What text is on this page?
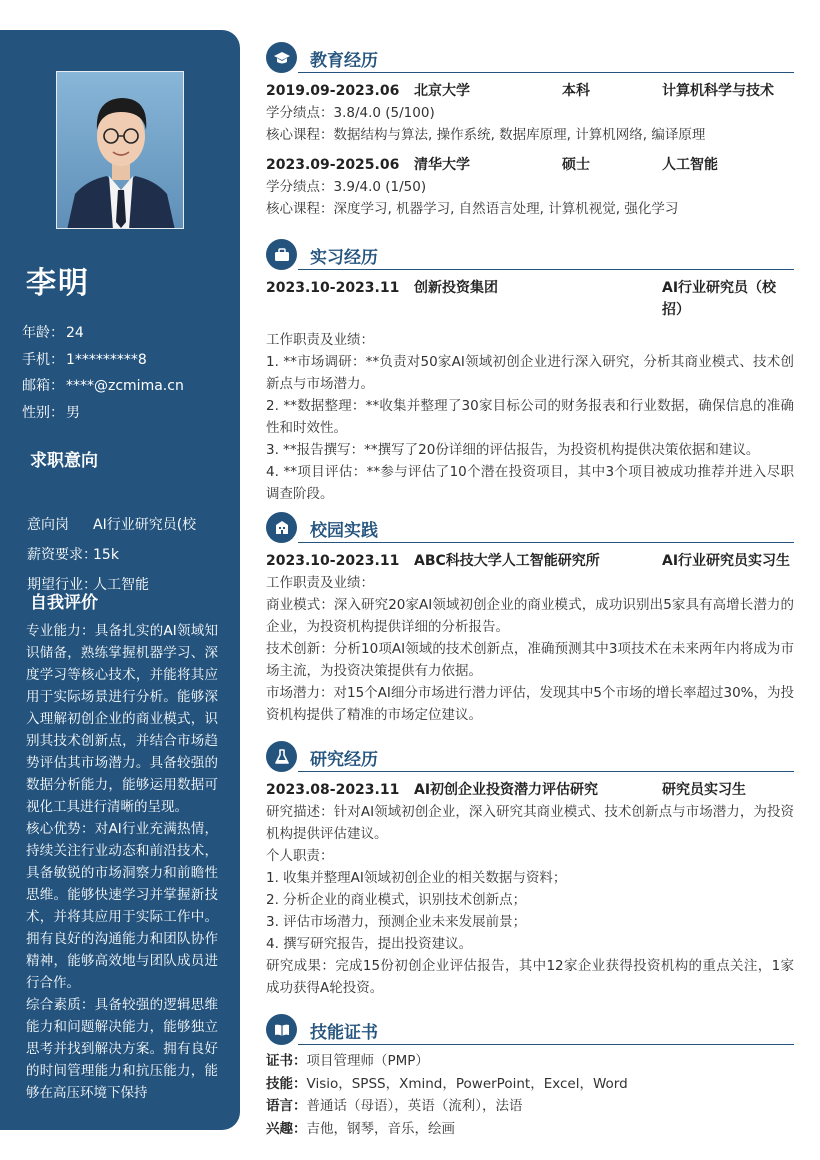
李明
年龄： 24
手机： 1*********8
邮箱： ****@zcmima.cn
性别： 男
求职意向
意向岗 AI行业研究员(校
薪资要求：15k
期望行业：人工智能
自我评价

专业能力：具备扎实的AI领域知识储备，熟练掌握机器学习、深度学习等核心技术，并能将其应用于实际场景进行分析。能够深入理解初创企业的商业模式，识别其技术创新点，并结合市场趋势评估其市场潜力。具备较强的数据分析能力，能够运用数据可视化工具进行清晰的呈现。

核心优势：对AI行业充满热情，持续关注行业动态和前沿技术，具备敏锐的市场洞察力和前瞻性思维。能够快速学习并掌握新技术，并将其应用于实际工作中。拥有良好的沟通能力和团队协作精神，能够高效地与团队成员进行合作。

综合素质：具备较强的逻辑思维能力和问题解决能力，能够独立思考并找到解决方案。拥有良好的时间管理能力和抗压能力，能够在高压环境下保持

教育经历
2019.09-2023.06	北京大学	本科	计算机科学与技术
学分绩点：3.8/4.0 (5/100)
核心课程：数据结构与算法, 操作系统, 数据库原理, 计算机网络, 编译原理
2023.09-2025.06	清华大学	硕士	人工智能
学分绩点：3.9/4.0 (1/50)
核心课程：深度学习, 机器学习, 自然语言处理, 计算机视觉, 强化学习
实习经历
2023.10-2023.11	创新投资集团	AI行业研究员（校招）
工作职责及业绩：
1. **市场调研：**负责对50家AI领域初创企业进行深入研究，分析其商业模式、技术创新点与市场潜力。
2. **数据整理：**收集并整理了30家目标公司的财务报表和行业数据，确保信息的准确性和时效性。
3. **报告撰写：**撰写了20份详细的评估报告，为投资机构提供决策依据和建议。
4. **项目评估：**参与评估了10个潜在投资项目，其中3个项目被成功推荐并进入尽职调查阶段。
校园实践
2023.10-2023.11	ABC科技大学人工智能研究所	AI行业研究员实习生
工作职责及业绩：
商业模式：深入研究20家AI领域初创企业的商业模式，成功识别出5家具有高增长潜力的企业，为投资机构提供详细的分析报告。
技术创新：分析10项AI领域的技术创新点，准确预测其中3项技术在未来两年内将成为市场主流，为投资决策提供有力依据。
市场潜力：对15个AI细分市场进行潜力评估，发现其中5个市场的增长率超过30%，为投资机构提供了精准的市场定位建议。
研究经历
2023.08-2023.11	AI初创企业投资潜力评估研究	研究员实习生
研究描述：针对AI领域初创企业，深入研究其商业模式、技术创新点与市场潜力，为投资机构提供评估建议。
个人职责：
1. 收集并整理AI领域初创企业的相关数据与资料；
2. 分析企业的商业模式，识别技术创新点；
3. 评估市场潜力，预测企业未来发展前景；
4. 撰写研究报告，提出投资建议。
研究成果：完成15份初创企业评估报告，其中12家企业获得投资机构的重点关注，1家成功获得A轮投资。
技能证书
证书：项目管理师（PMP）
技能：Visio，SPSS，Xmind，PowerPoint，Excel，Word
语言：普通话（母语），英语（流利），法语
兴趣：吉他，钢琴，音乐，绘画
